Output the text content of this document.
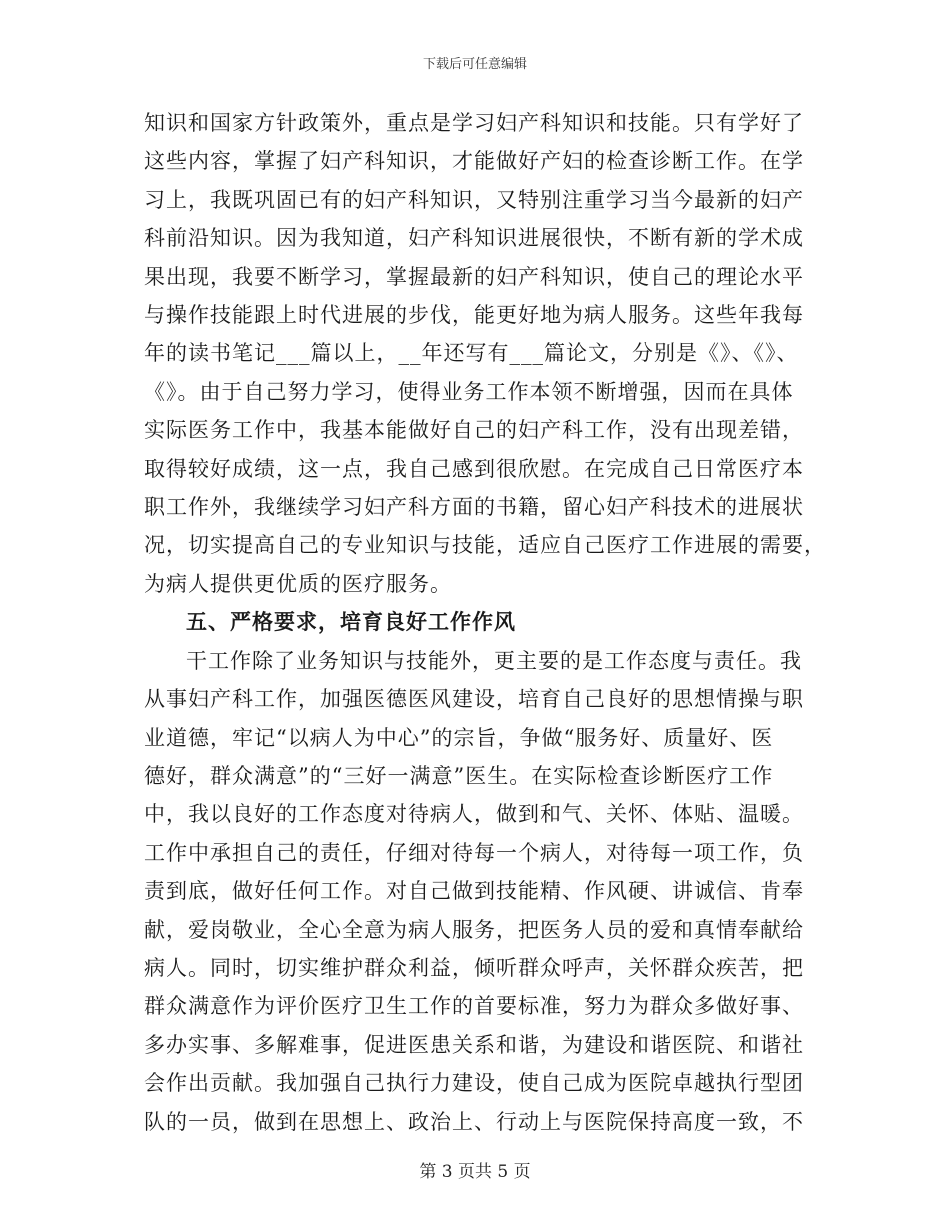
下载后可任意编辑

知识和国家方针政策外，重点是学习妇产科知识和技能。只有学好了
这些内容，掌握了妇产科知识，才能做好产妇的检查诊断工作。在学
习上，我既巩固已有的妇产科知识，又特别注重学习当今最新的妇产
科前沿知识。因为我知道，妇产科知识进展很快，不断有新的学术成
果出现，我要不断学习，掌握最新的妇产科知识，使自己的理论水平
与操作技能跟上时代进展的步伐，能更好地为病人服务。这些年我每
年的读书笔记___篇以上，__年还写有___篇论文，分别是《》、《》、
《》。由于自己努力学习，使得业务工作本领不断增强，因而在具体
实际医务工作中，我基本能做好自己的妇产科工作，没有出现差错，
取得较好成绩，这一点，我自己感到很欣慰。在完成自己日常医疗本
职工作外，我继续学习妇产科方面的书籍，留心妇产科技术的进展状
况，切实提高自己的专业知识与技能，适应自己医疗工作进展的需要，
为病人提供更优质的医疗服务。

五、严格要求，培育良好工作作风

干工作除了业务知识与技能外，更主要的是工作态度与责任。我
从事妇产科工作，加强医德医风建设，培育自己良好的思想情操与职
业道德，牢记“以病人为中心”的宗旨，争做“服务好、质量好、医
德好，群众满意”的“三好一满意”医生。在实际检查诊断医疗工作
中，我以良好的工作态度对待病人，做到和气、关怀、体贴、温暖。
工作中承担自己的责任，仔细对待每一个病人，对待每一项工作，负
责到底，做好任何工作。对自己做到技能精、作风硬、讲诚信、肯奉
献，爱岗敬业，全心全意为病人服务，把医务人员的爱和真情奉献给
病人。同时，切实维护群众利益，倾听群众呼声，关怀群众疾苦，把
群众满意作为评价医疗卫生工作的首要标准，努力为群众多做好事、
多办实事、多解难事，促进医患关系和谐，为建设和谐医院、和谐社
会作出贡献。我加强自己执行力建设，使自己成为医院卓越执行型团
队的一员，做到在思想上、政治上、行动上与医院保持高度一致，不

第 3 页共 5 页
